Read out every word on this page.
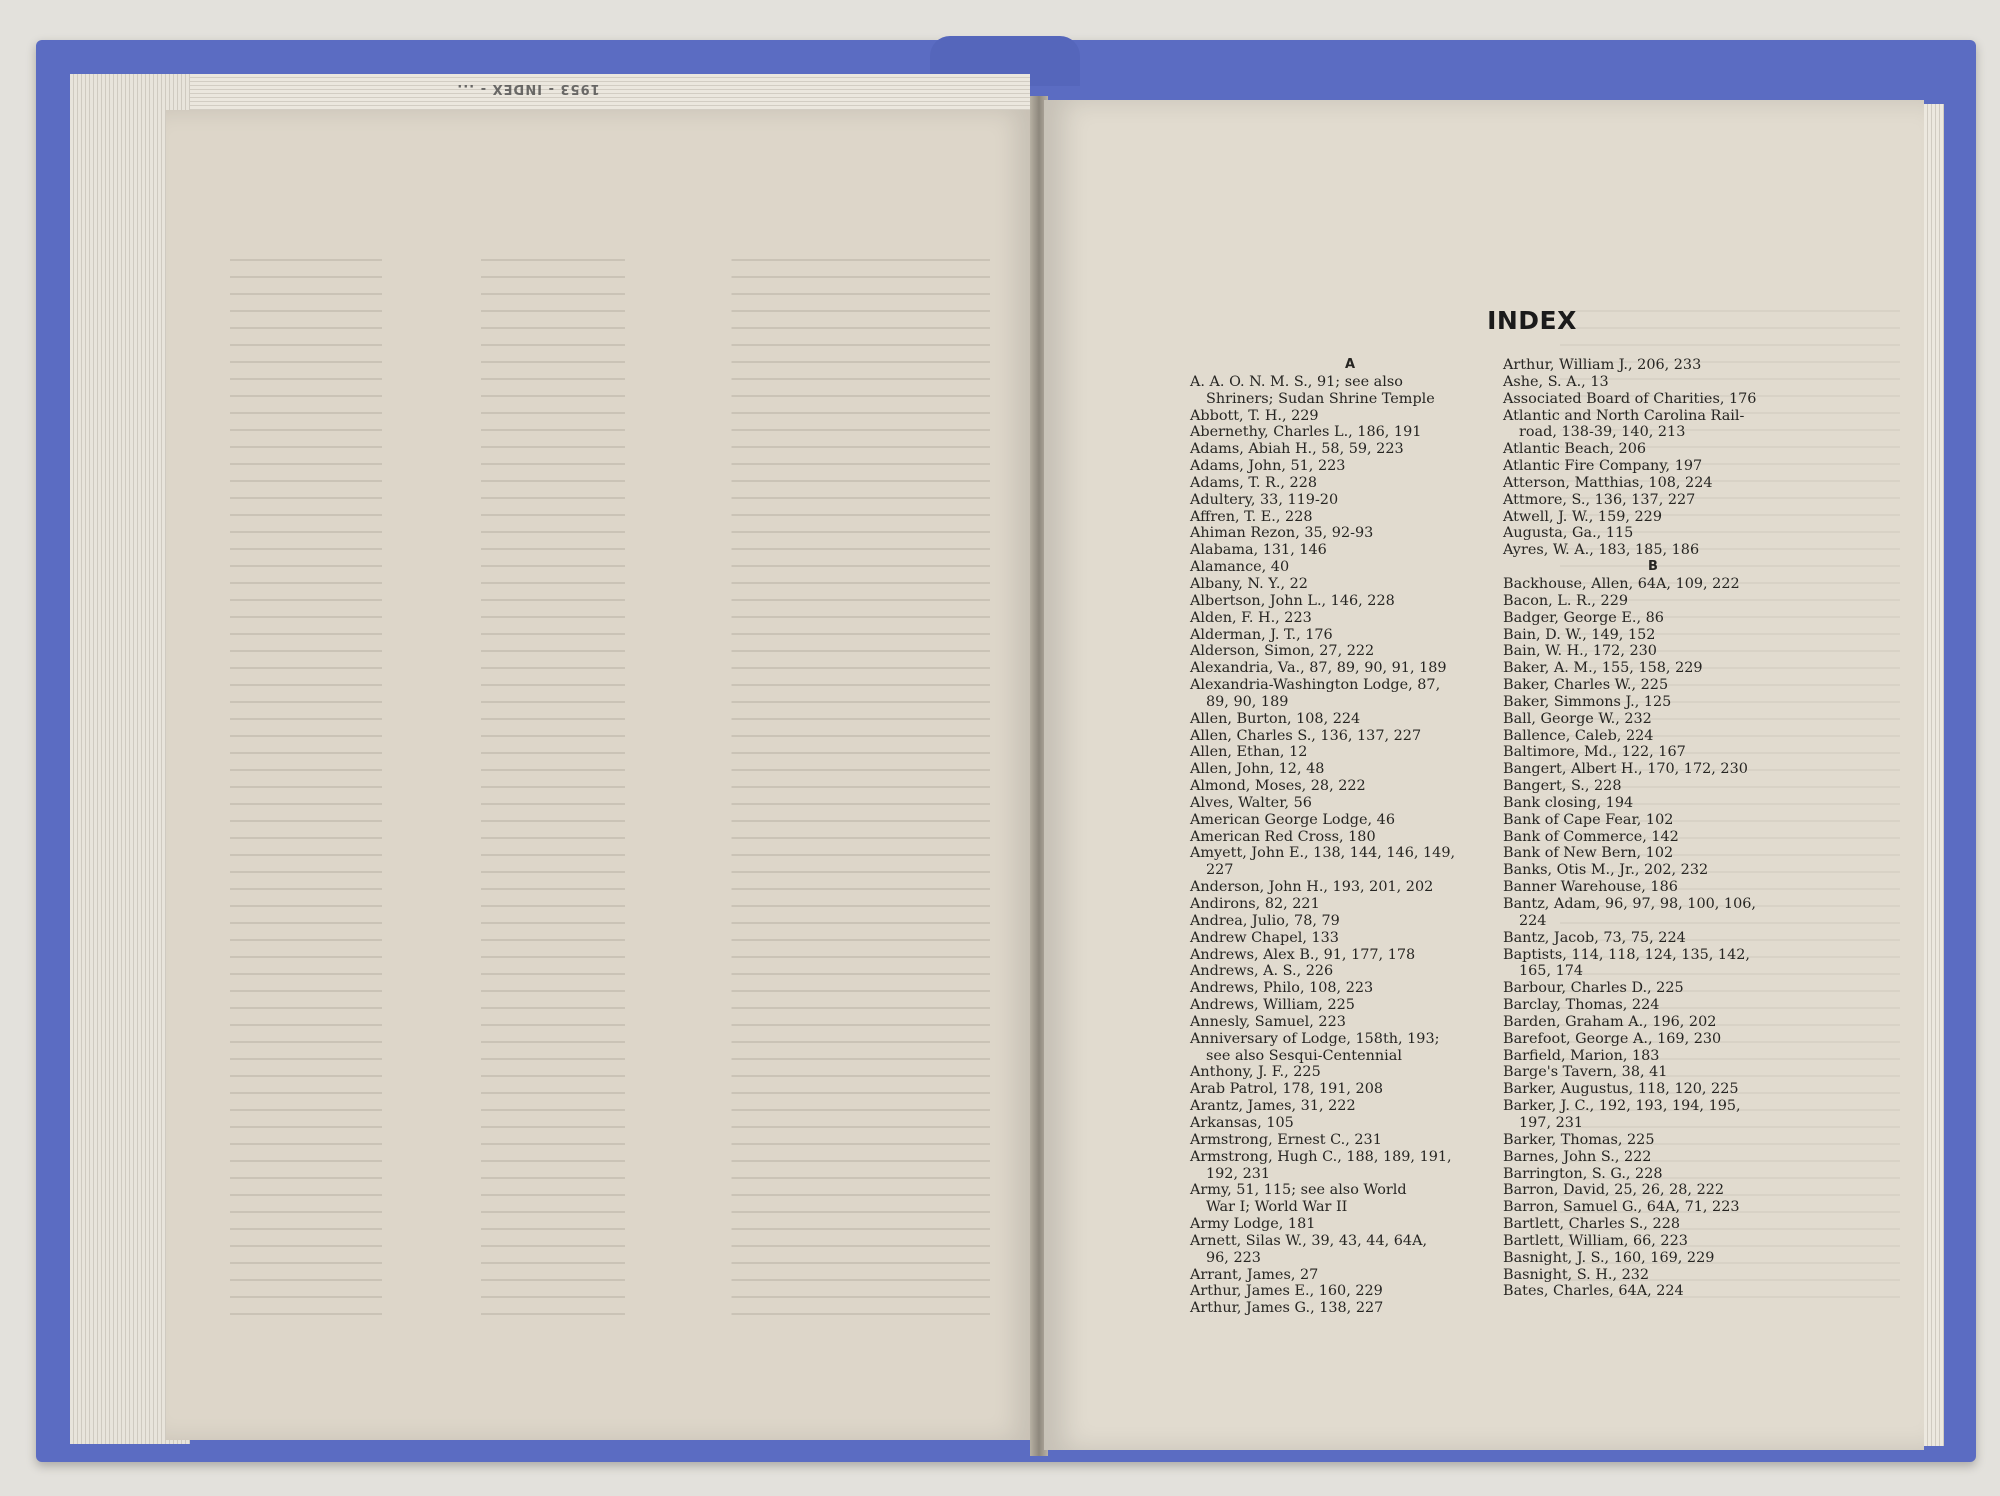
1953 - INDEX - ...
INDEX
A
A. A. O. N. M. S., 91; see also
Shriners; Sudan Shrine Temple
Abbott, T. H., 229
Abernethy, Charles L., 186, 191
Adams, Abiah H., 58, 59, 223
Adams, John, 51, 223
Adams, T. R., 228
Adultery, 33, 119-20
Affren, T. E., 228
Ahiman Rezon, 35, 92-93
Alabama, 131, 146
Alamance, 40
Albany, N. Y., 22
Albertson, John L., 146, 228
Alden, F. H., 223
Alderman, J. T., 176
Alderson, Simon, 27, 222
Alexandria, Va., 87, 89, 90, 91, 189
Alexandria-Washington Lodge, 87,
89, 90, 189
Allen, Burton, 108, 224
Allen, Charles S., 136, 137, 227
Allen, Ethan, 12
Allen, John, 12, 48
Almond, Moses, 28, 222
Alves, Walter, 56
American George Lodge, 46
American Red Cross, 180
Amyett, John E., 138, 144, 146, 149,
227
Anderson, John H., 193, 201, 202
Andirons, 82, 221
Andrea, Julio, 78, 79
Andrew Chapel, 133
Andrews, Alex B., 91, 177, 178
Andrews, A. S., 226
Andrews, Philo, 108, 223
Andrews, William, 225
Annesly, Samuel, 223
Anniversary of Lodge, 158th, 193;
see also Sesqui-Centennial
Anthony, J. F., 225
Arab Patrol, 178, 191, 208
Arantz, James, 31, 222
Arkansas, 105
Armstrong, Ernest C., 231
Armstrong, Hugh C., 188, 189, 191,
192, 231
Army, 51, 115; see also World
War I; World War II
Army Lodge, 181
Arnett, Silas W., 39, 43, 44, 64A,
96, 223
Arrant, James, 27
Arthur, James E., 160, 229
Arthur, James G., 138, 227
Arthur, William J., 206, 233
Ashe, S. A., 13
Associated Board of Charities, 176
Atlantic and North Carolina Rail-
road, 138-39, 140, 213
Atlantic Beach, 206
Atlantic Fire Company, 197
Atterson, Matthias, 108, 224
Attmore, S., 136, 137, 227
Atwell, J. W., 159, 229
Augusta, Ga., 115
Ayres, W. A., 183, 185, 186
B
Backhouse, Allen, 64A, 109, 222
Bacon, L. R., 229
Badger, George E., 86
Bain, D. W., 149, 152
Bain, W. H., 172, 230
Baker, A. M., 155, 158, 229
Baker, Charles W., 225
Baker, Simmons J., 125
Ball, George W., 232
Ballence, Caleb, 224
Baltimore, Md., 122, 167
Bangert, Albert H., 170, 172, 230
Bangert, S., 228
Bank closing, 194
Bank of Cape Fear, 102
Bank of Commerce, 142
Bank of New Bern, 102
Banks, Otis M., Jr., 202, 232
Banner Warehouse, 186
Bantz, Adam, 96, 97, 98, 100, 106,
224
Bantz, Jacob, 73, 75, 224
Baptists, 114, 118, 124, 135, 142,
165, 174
Barbour, Charles D., 225
Barclay, Thomas, 224
Barden, Graham A., 196, 202
Barefoot, George A., 169, 230
Barfield, Marion, 183
Barge's Tavern, 38, 41
Barker, Augustus, 118, 120, 225
Barker, J. C., 192, 193, 194, 195,
197, 231
Barker, Thomas, 225
Barnes, John S., 222
Barrington, S. G., 228
Barron, David, 25, 26, 28, 222
Barron, Samuel G., 64A, 71, 223
Bartlett, Charles S., 228
Bartlett, William, 66, 223
Basnight, J. S., 160, 169, 229
Basnight, S. H., 232
Bates, Charles, 64A, 224
